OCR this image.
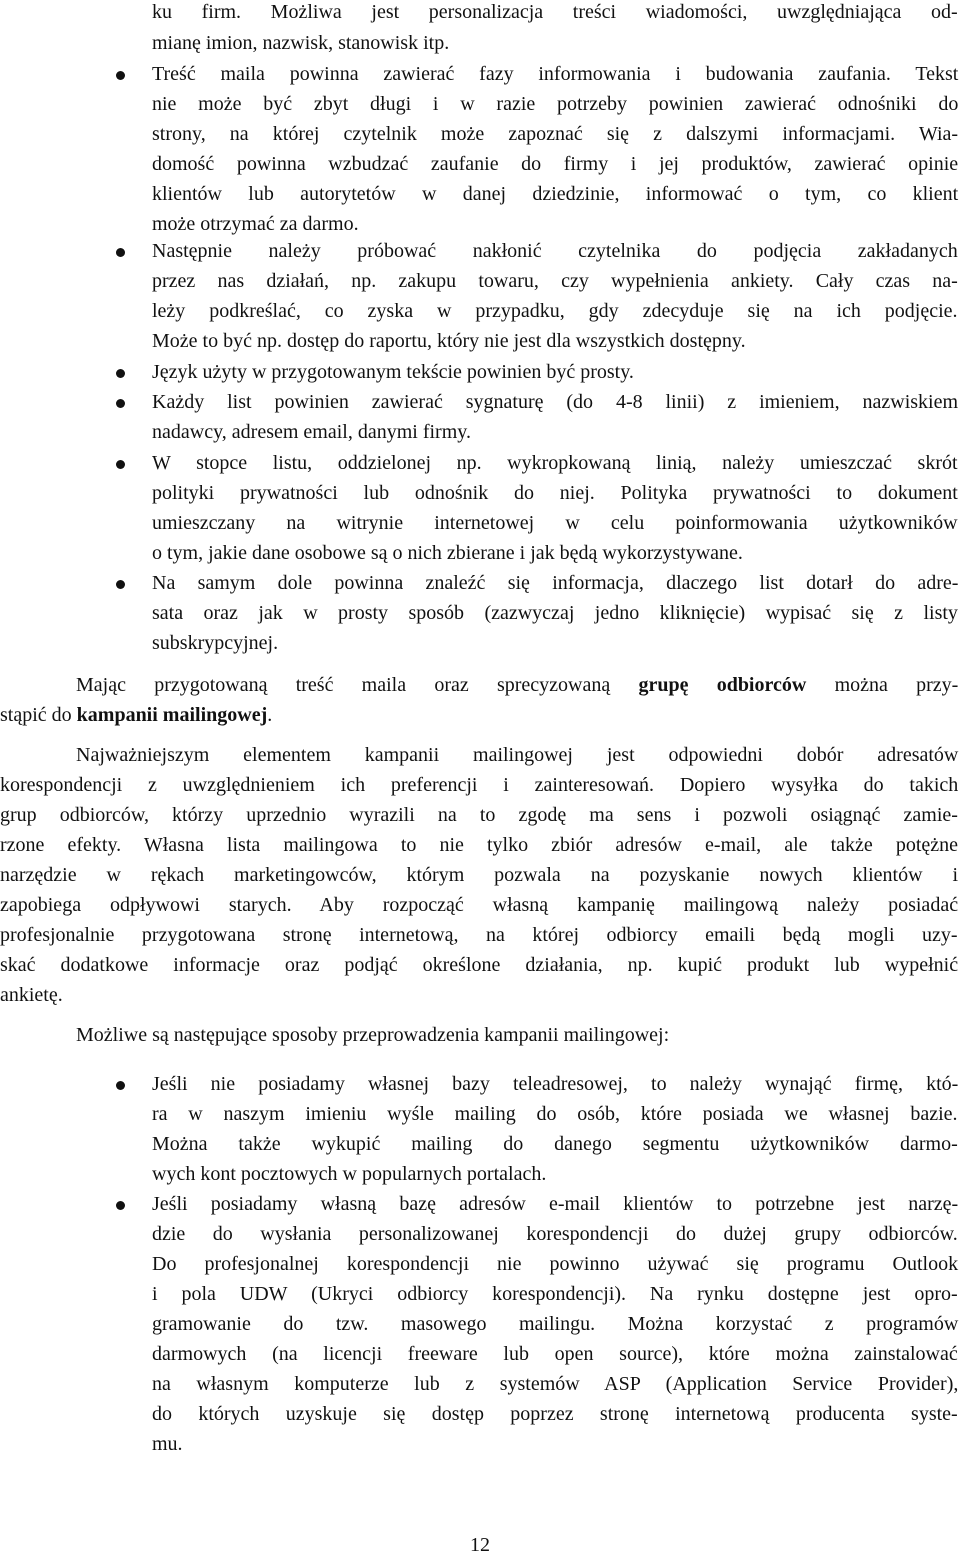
ku firm. Możliwa jest personalizacja treści wiadomości, uwzględniająca od-

mianę imion, nazwisk, stanowisk itp.

Treść maila powinna zawierać fazy informowania i budowania zaufania. Tekst

nie może być zbyt długi i w razie potrzeby powinien zawierać odnośniki do

strony, na której czytelnik może zapoznać się z dalszymi informacjami. Wia-

domość powinna wzbudzać zaufanie do firmy i jej produktów, zawierać opinie

klientów lub autorytetów w danej dziedzinie, informować o tym, co klient

może otrzymać za darmo.

Następnie należy próbować nakłonić czytelnika do podjęcia zakładanych

przez nas działań, np. zakupu towaru, czy wypełnienia ankiety. Cały czas na-

leży podkreślać, co zyska w przypadku, gdy zdecyduje się na ich podjęcie.

Może to być np. dostęp do raportu, który nie jest dla wszystkich dostępny.

Język użyty w przygotowanym tekście powinien być prosty.

Każdy list powinien zawierać sygnaturę (do 4-8 linii) z imieniem, nazwiskiem

nadawcy, adresem email, danymi firmy.

W stopce listu, oddzielonej np. wykropkowaną linią, należy umieszczać skrót

polityki prywatności lub odnośnik do niej. Polityka prywatności to dokument

umieszczany na witrynie internetowej w celu poinformowania użytkowników

o tym, jakie dane osobowe są o nich zbierane i jak będą wykorzystywane.

Na samym dole powinna znaleźć się informacja, dlaczego list dotarł do adre-

sata oraz jak w prosty sposób (zazwyczaj jedno kliknięcie) wypisać się z listy

subskrypcyjnej.

Mając przygotowaną treść maila oraz sprecyzowaną grupę odbiorców można przy-

stąpić do kampanii mailingowej.

Najważniejszym elementem kampanii mailingowej jest odpowiedni dobór adresatów

korespondencji z uwzględnieniem ich preferencji i zainteresowań. Dopiero wysyłka do takich

grup odbiorców, którzy uprzednio wyrazili na to zgodę ma sens i pozwoli osiągnąć zamie-

rzone efekty. Własna lista mailingowa to nie tylko zbiór adresów e-mail, ale także potężne

narzędzie w rękach marketingowców, którym pozwala na pozyskanie nowych klientów i

zapobiega odpływowi starych. Aby rozpocząć własną kampanię mailingową należy posiadać

profesjonalnie przygotowana stronę internetową, na której odbiorcy emaili będą mogli uzy-

skać dodatkowe informacje oraz podjąć określone działania, np. kupić produkt lub wypełnić

ankietę.

Możliwe są następujące sposoby przeprowadzenia kampanii mailingowej:

Jeśli nie posiadamy własnej bazy teleadresowej, to należy wynająć firmę, któ-

ra w naszym imieniu wyśle mailing do osób, które posiada we własnej bazie.

Można także wykupić mailing do danego segmentu użytkowników darmo-

wych kont pocztowych w popularnych portalach.

Jeśli posiadamy własną bazę adresów e-mail klientów to potrzebne jest narzę-

dzie do wysłania personalizowanej korespondencji do dużej grupy odbiorców.

Do profesjonalnej korespondencji nie powinno używać się programu Outlook

i pola UDW (Ukryci odbiorcy korespondencji). Na rynku dostępne jest opro-

gramowanie do tzw. masowego mailingu. Można korzystać z programów

darmowych (na licencji freeware lub open source), które można zainstalować

na własnym komputerze lub z systemów ASP (Application Service Provider),

do których uzyskuje się dostęp poprzez stronę internetową producenta syste-

mu.

12
